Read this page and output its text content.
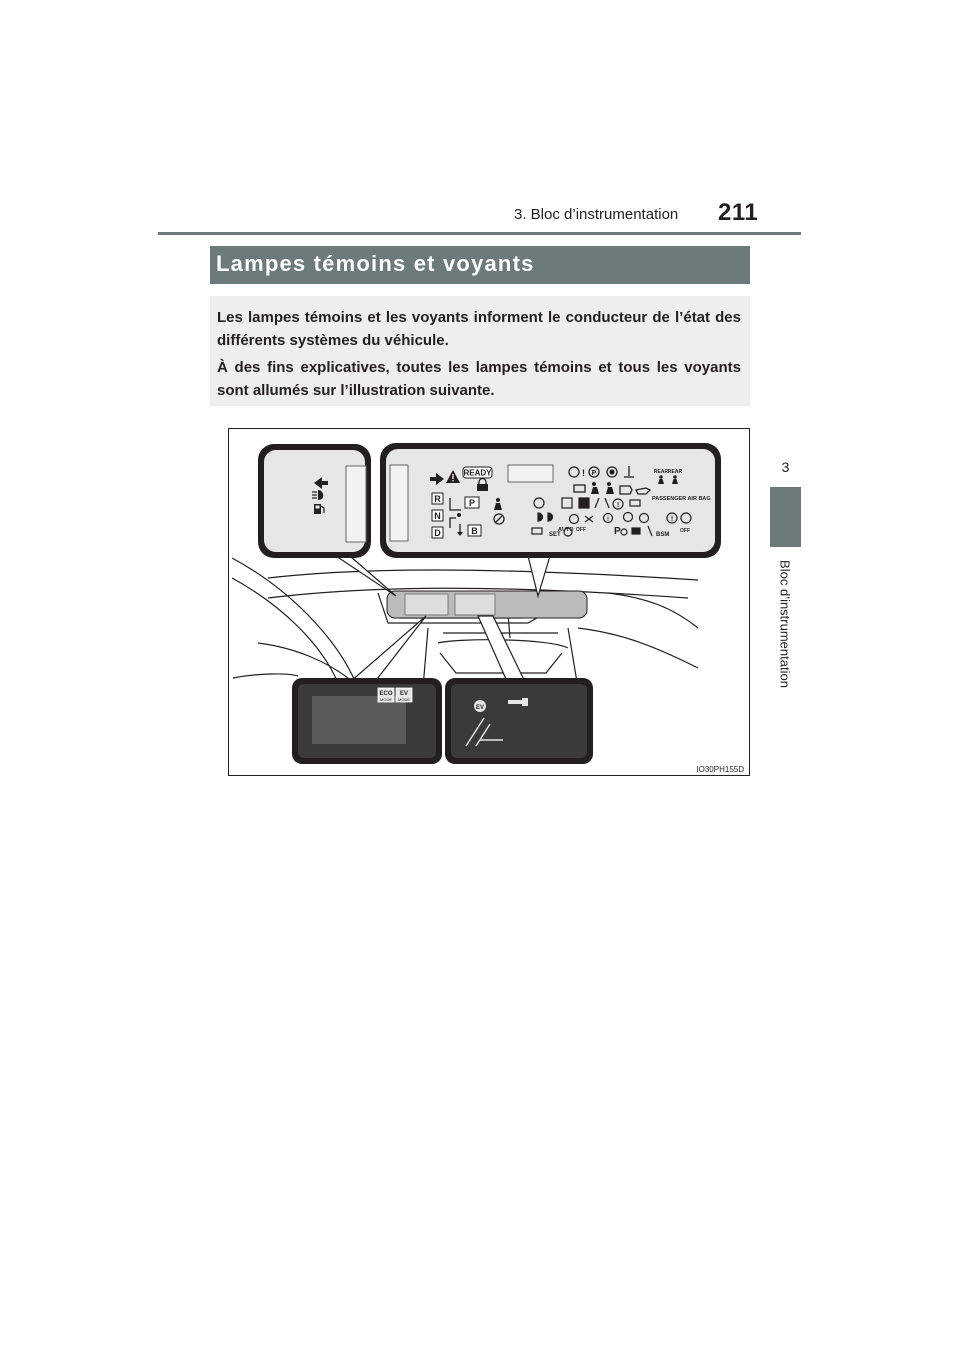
3. Bloc d’instrumentation	211
3
Bloc d’instrumentation
Lampes témoins et voyants

Les lampes témoins et les voyants informent le conducteur de l’état des différents systèmes du véhicule.

À des fins explicatives, toutes les lampes témoins et tous les voyants sont allumés sur l’illustration suivante.

READY
R
N
D
P
B
! P	REAR REAR
PASSENGER AIR BAG
!
!	!
AUTO OFF	OFF
P
SET	BSM
ECO
MODE
EV
MODE
EV
IO30PH155D
